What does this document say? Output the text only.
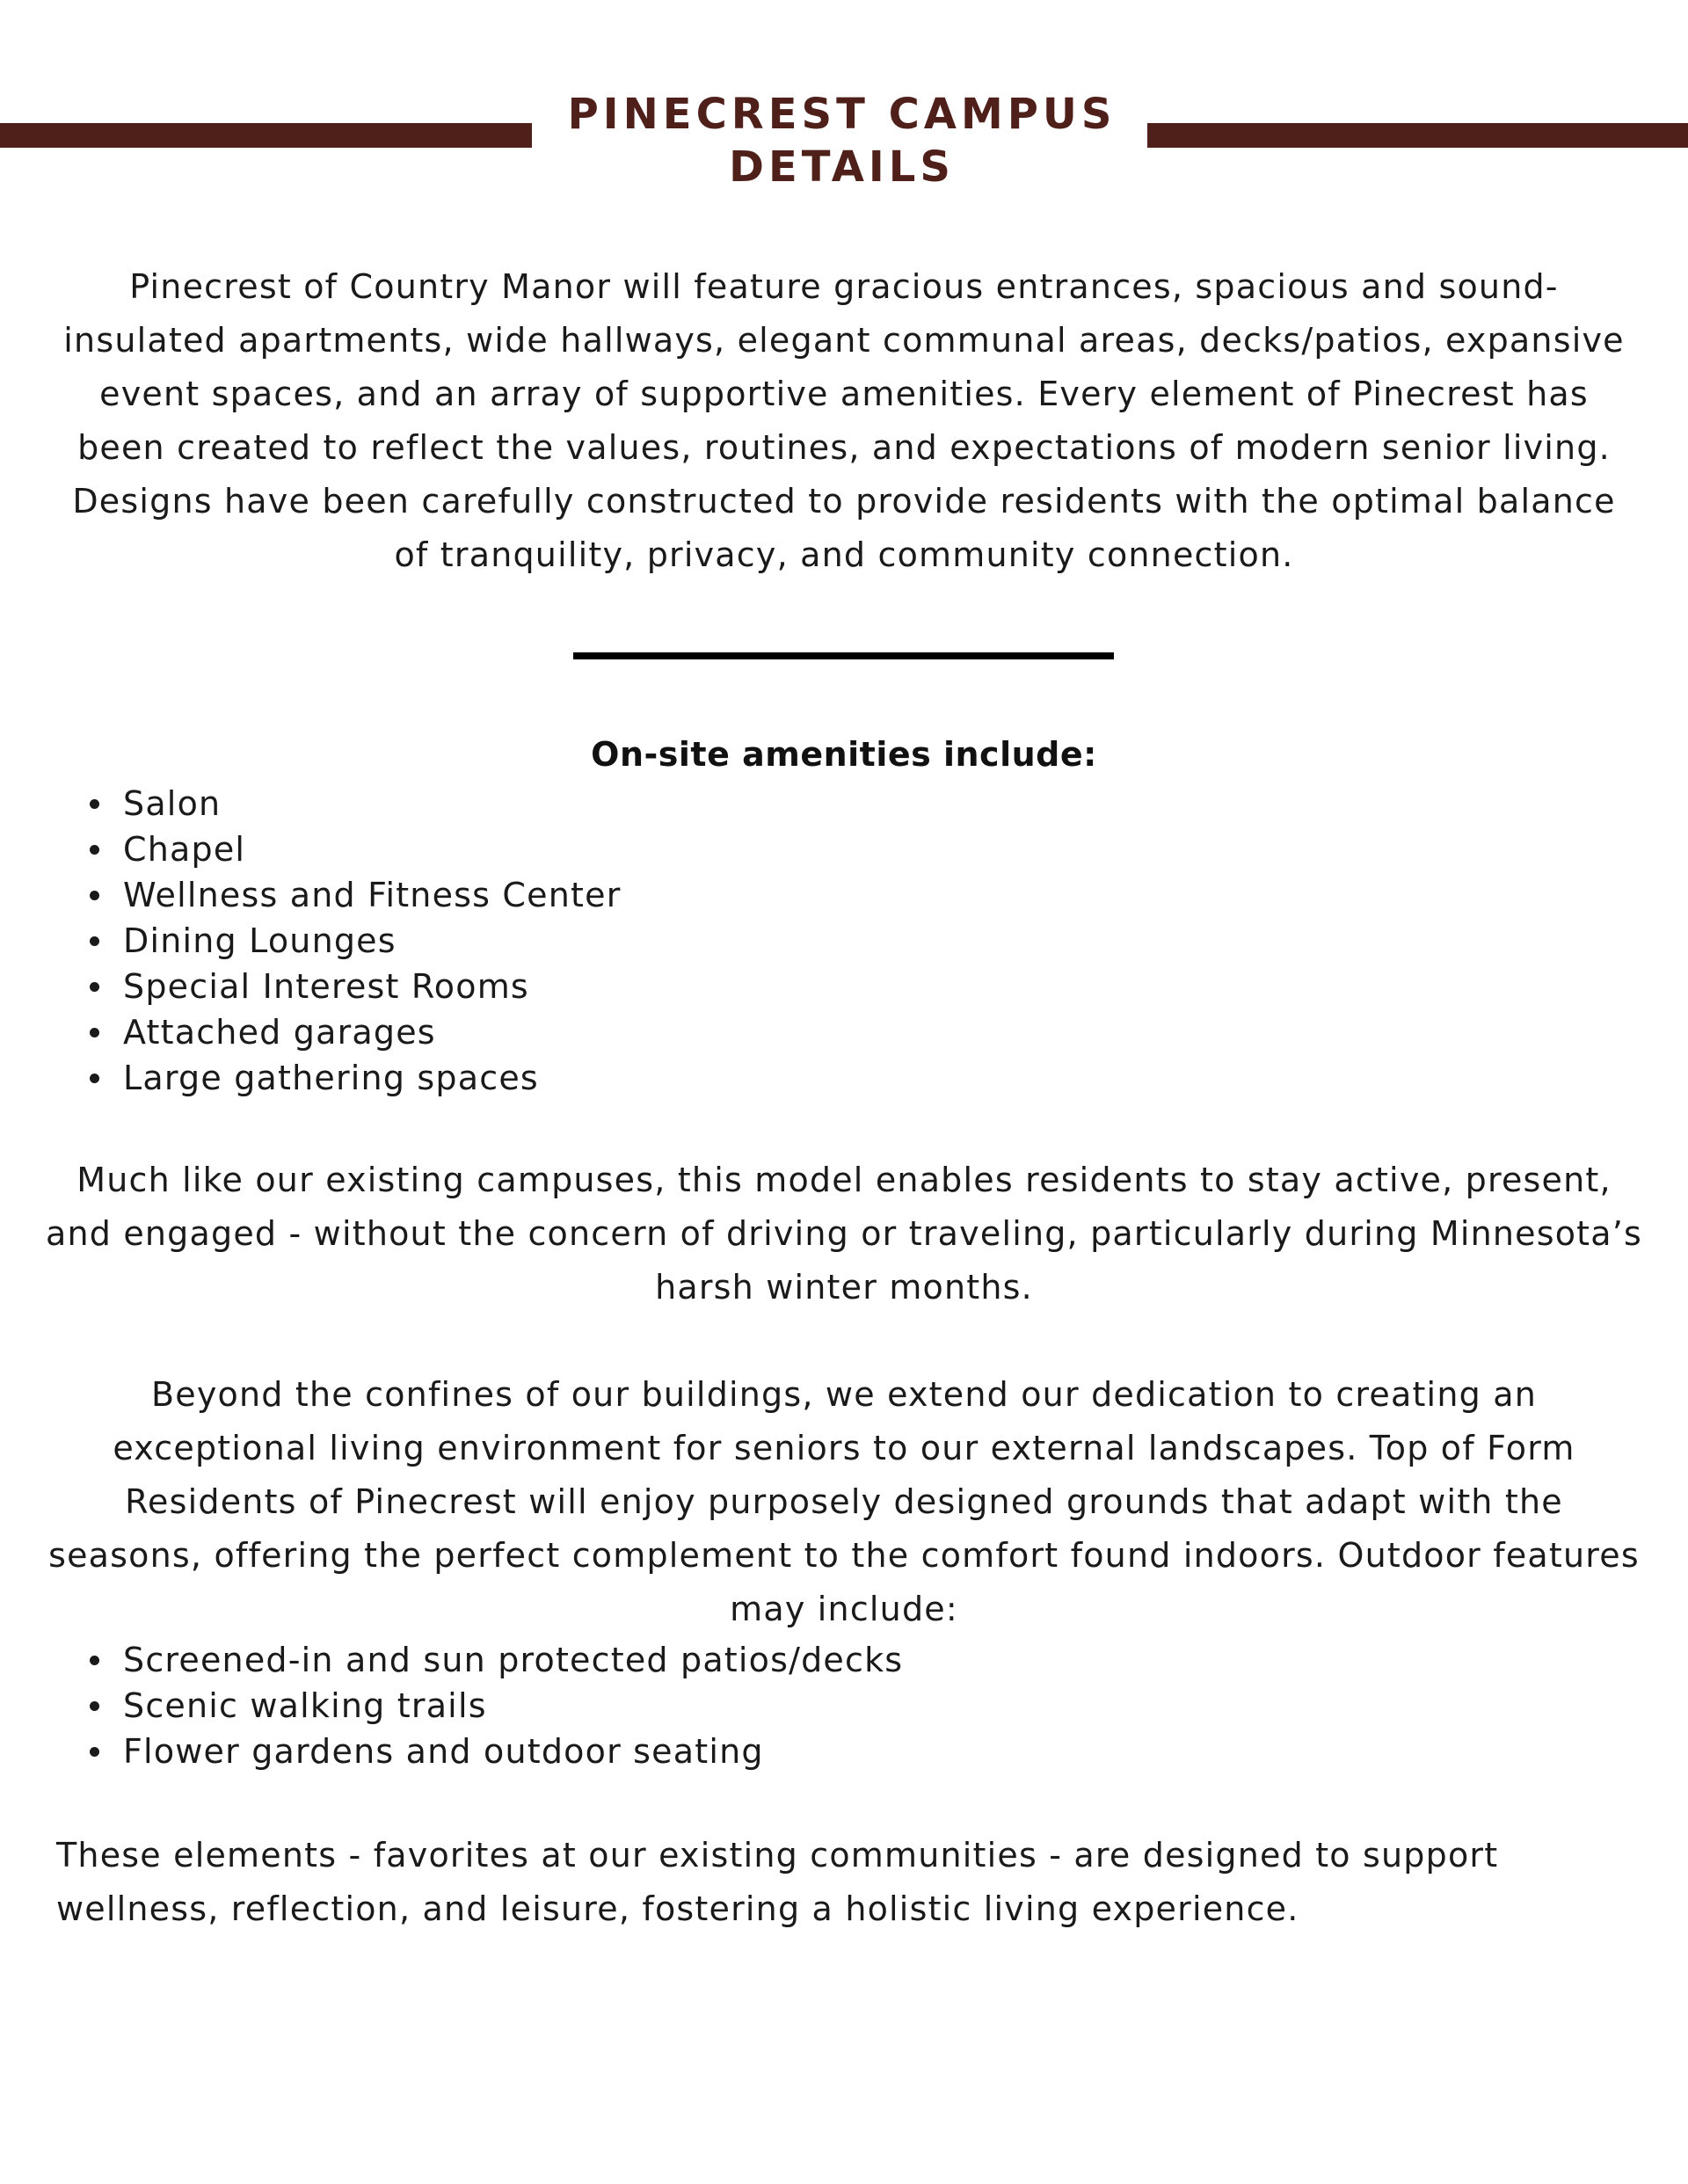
PINECREST CAMPUS
DETAILS

Pinecrest of Country Manor will feature gracious entrances, spacious and sound-insulated apartments, wide hallways, elegant communal areas, decks/patios, expansive event spaces, and an array of supportive amenities. Every element of Pinecrest has been created to reflect the values, routines, and expectations of modern senior living. Designs have been carefully constructed to provide residents with the optimal balance of tranquility, privacy, and community connection.

On-site amenities include:
Salon
Chapel
Wellness and Fitness Center
Dining Lounges
Special Interest Rooms
Attached garages
Large gathering spaces

Much like our existing campuses, this model enables residents to stay active, present, and engaged - without the concern of driving or traveling, particularly during Minnesota’s harsh winter months.

Beyond the confines of our buildings, we extend our dedication to creating an exceptional living environment for seniors to our external landscapes. Top of Form Residents of Pinecrest will enjoy purposely designed grounds that adapt with the seasons, offering the perfect complement to the comfort found indoors. Outdoor features may include:

Screened-in and sun protected patios/decks
Scenic walking trails
Flower gardens and outdoor seating

These elements - favorites at our existing communities - are designed to support wellness, reflection, and leisure, fostering a holistic living experience.
